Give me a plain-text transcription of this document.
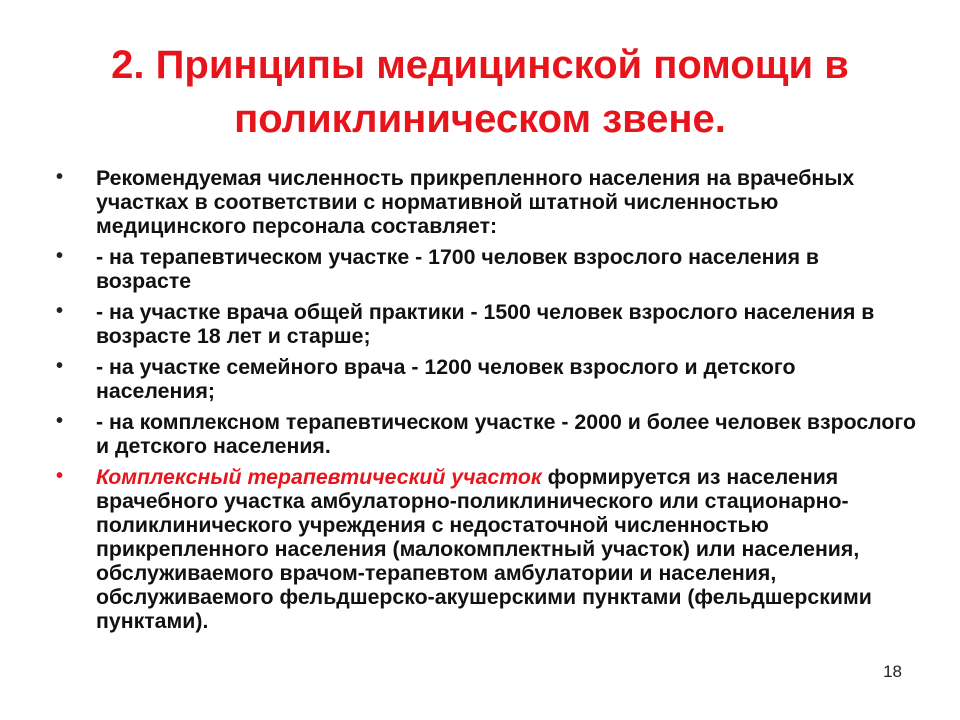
2. Принципы медицинской помощи в поликлиническом звене.
• Рекомендуемая численность прикрепленного населения на врачебных участках в соответствии с нормативной штатной численностью медицинского персонала составляет:
• - на терапевтическом участке - 1700 человек взрослого населения в возрасте
• - на участке врача общей практики - 1500 человек взрослого населения в возрасте 18 лет и старше;
• - на участке семейного врача - 1200 человек взрослого и детского населения;
• - на комплексном терапевтическом участке - 2000 и более человек взрослого и детского населения.
• Комплексный терапевтический участок формируется из населения врачебного участка амбулаторно-поликлинического или стационарно-поликлинического учреждения с недостаточной численностью прикрепленного населения (малокомплектный участок) или населения, обслуживаемого врачом-терапевтом амбулатории и населения, обслуживаемого фельдшерско-акушерскими пунктами (фельдшерскими пунктами).
18
